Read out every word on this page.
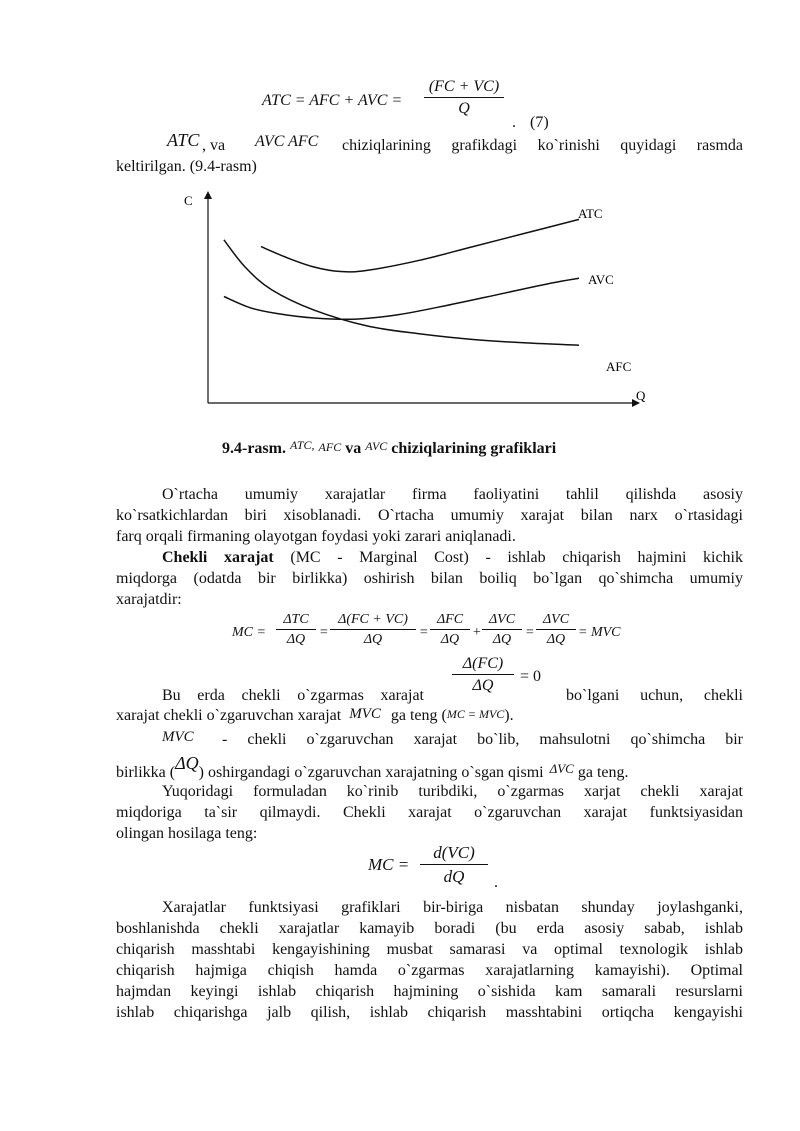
ATC = AFC + AVC = $\frac{(FC + VC)}{Q}$
. (7)
ATC , va AVC AFC chiziqlarining grafikdagi ko`rinishi quyidagi rasmda
keltirilgan. (9.4-rasm)
C
Q
ATC
AVC
AFC
9.4-rasm. $^{ATC,}$ AFC va AVC chiziqlarining grafiklari
O`rtacha umumiy xarajatlar firma faoliyatini tahlil qilishda asosiy
ko`rsatkichlardan biri xisoblanadi. O`rtacha umumiy xarajat bilan narx o`rtasidagi
farq orqali firmaning olayotgan foydasi yoki zarari aniqlanadi.
Chekli xarajat (MC - Marginal Cost) - ishlab chiqarish hajmini kichik
miqdorga (odatda bir birlikka) oshirish bilan boiliq bo`lgan qo`shimcha umumiy
xarajatdir:
MC =
ΔTC
$\Delta Q = \frac{\Delta(FC + VC)}{\Delta Q}$ =
ΔFC
ΔQ +
ΔVC
ΔQ =
ΔVC
ΔQ = MVC
$\frac{\Delta(FC)}{\Delta Q} = 0$
Bu erda chekli o`zgarmas xarajat	bo`lgani uchun, chekli
xarajat chekli o`zgaruvchan xarajat MVC ga teng (MC = MVC).
MVC - chekli o`zgaruvchan xarajat bo`lib, mahsulotni qo`shimcha bir
birlikka (ΔQ) oshirgandagi o`zgaruvchan xarajatning o`sgan qismi $^{\Delta VC}$ ga teng.
Yuqoridagi formuladan ko`rinib turibdiki, o`zgarmas xarjat chekli xarajat
miqdoriga ta`sir qilmaydi. Chekli xarajat o`zgaruvchan xarajat funktsiyasidan
olingan hosilaga teng:
MC = $\frac{d(VC)}{dQ}$ .
Xarajatlar funktsiyasi grafiklari bir-biriga nisbatan shunday joylashganki,
boshlanishda chekli xarajatlar kamayib boradi (bu erda asosiy sabab, ishlab
chiqarish masshtabi kengayishining musbat samarasi va optimal texnologik ishlab
chiqarish hajmiga chiqish hamda o`zgarmas xarajatlarning kamayishi). Optimal
hajmdan keyingi ishlab chiqarish hajmining o`sishida kam samarali resurslarni
ishlab chiqarishga jalb qilish, ishlab chiqarish masshtabini ortiqcha kengayishi
